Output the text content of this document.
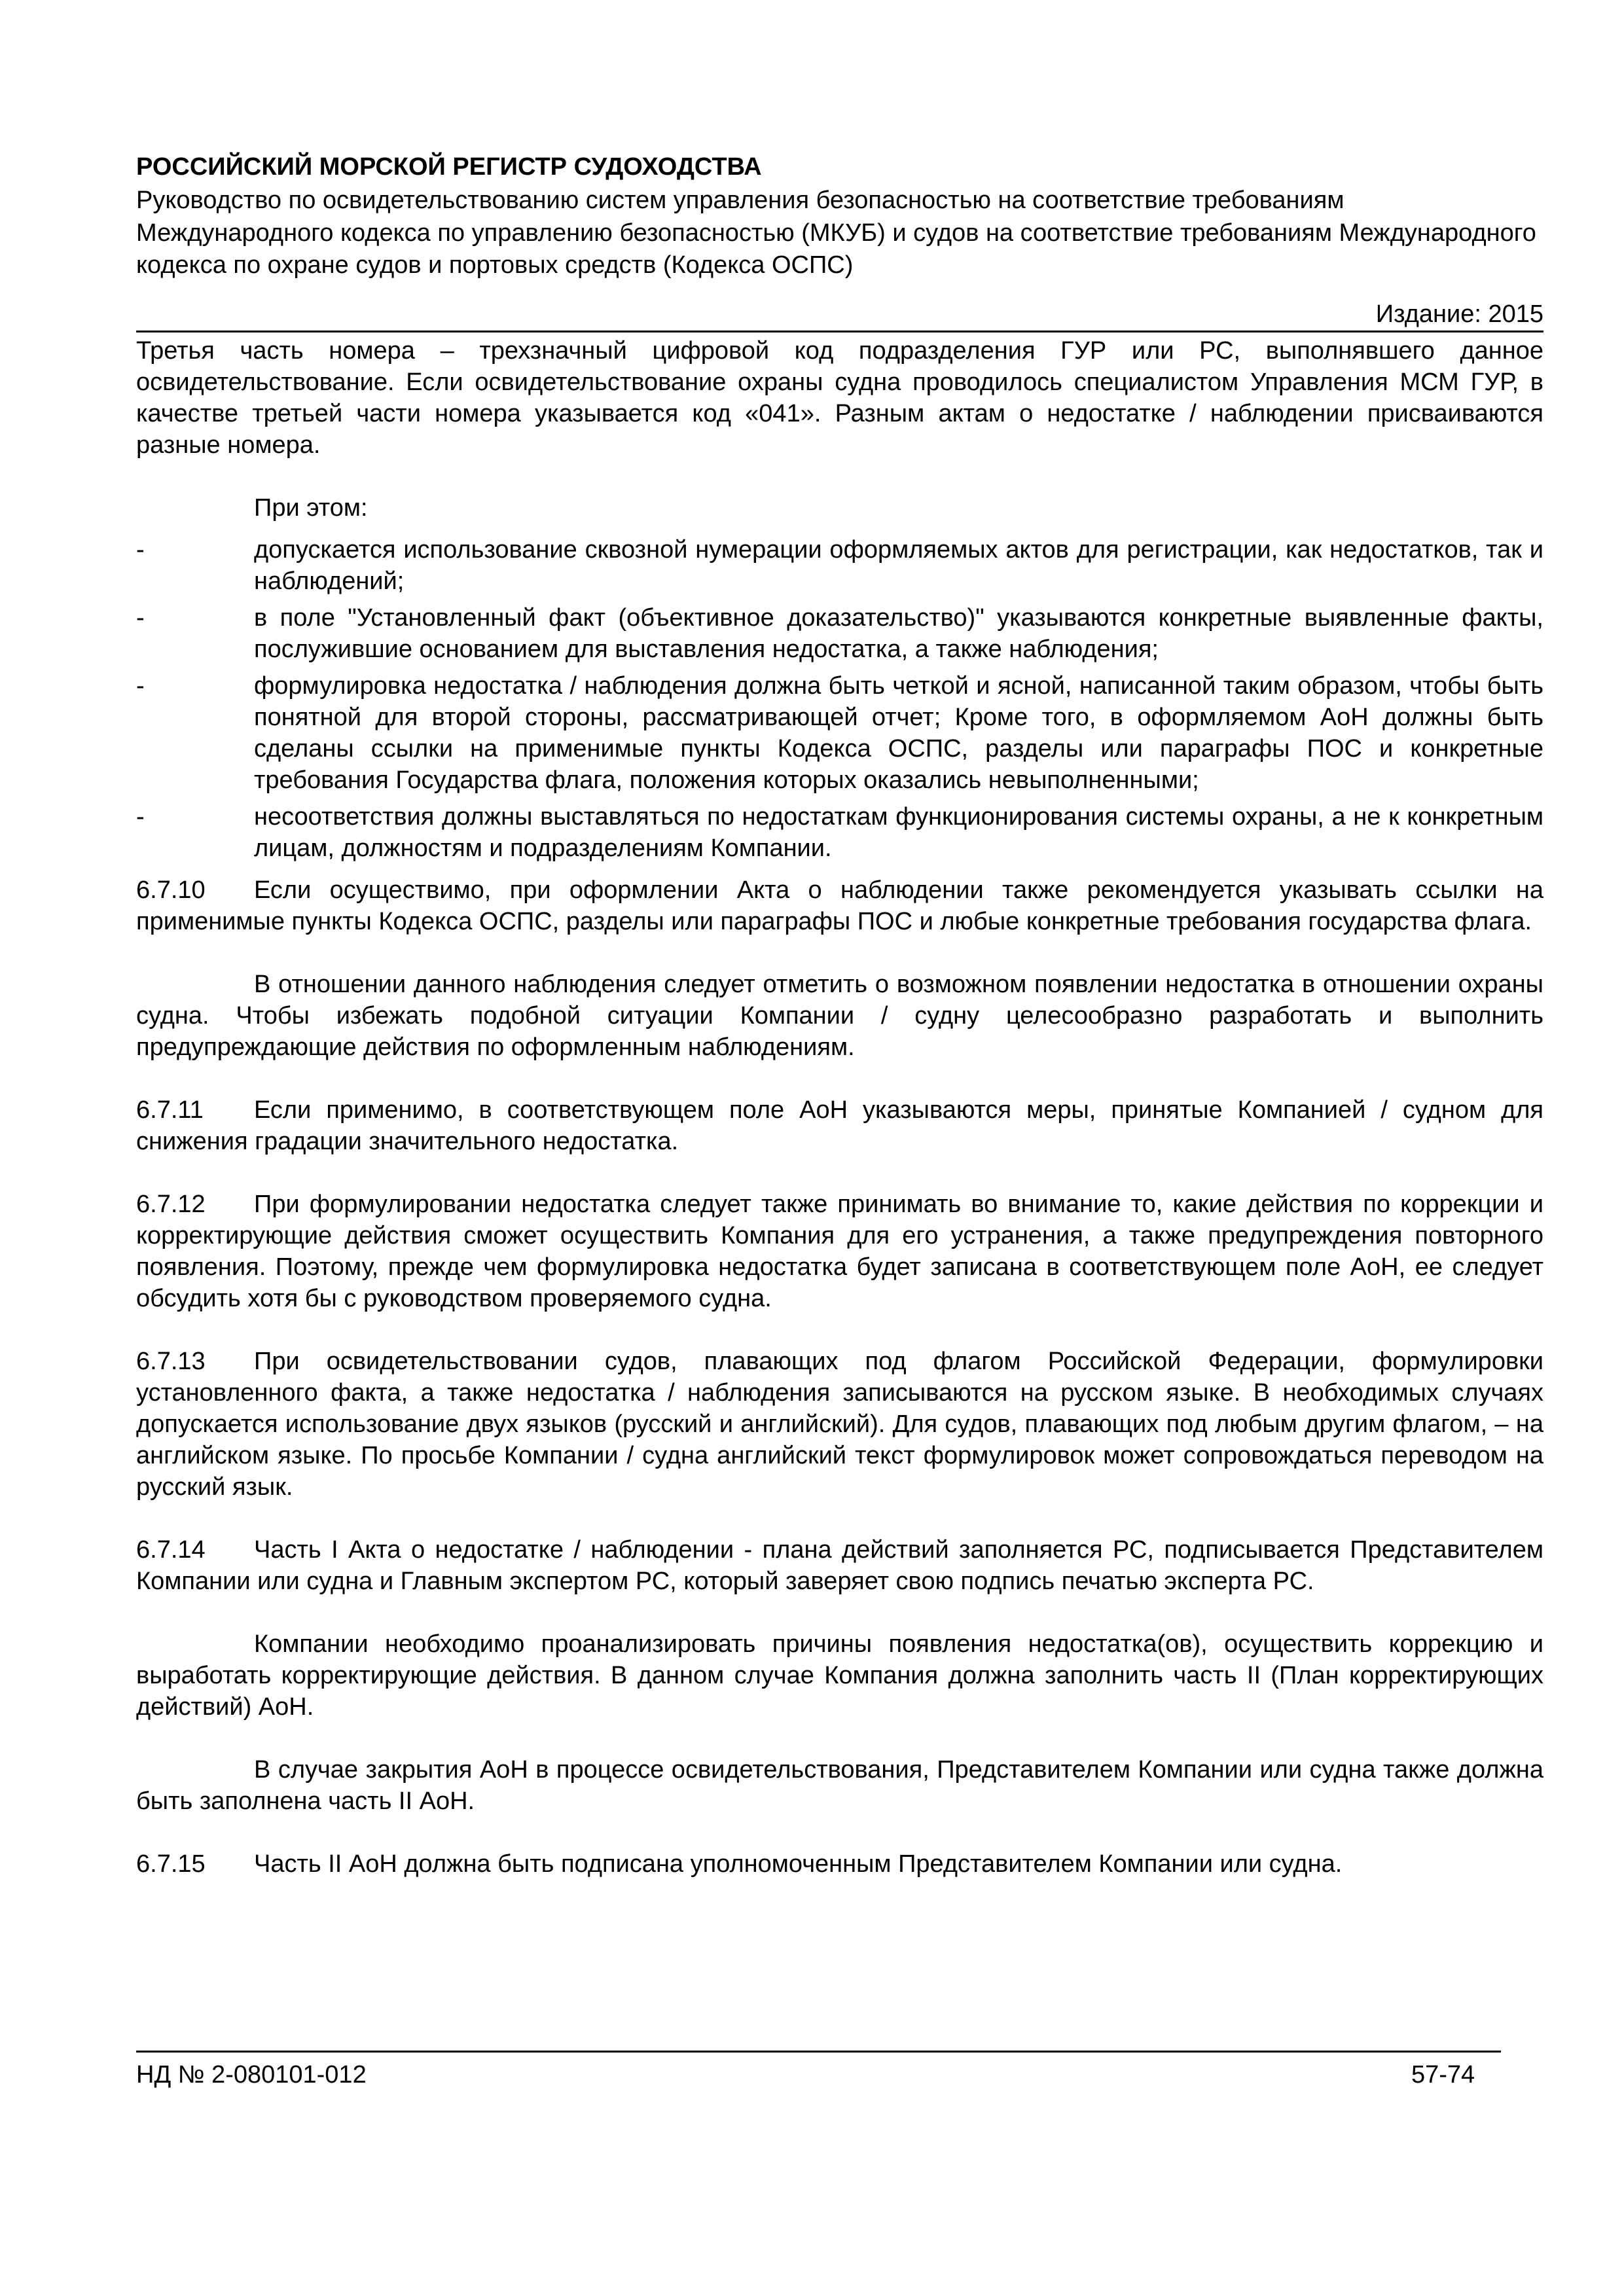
РОССИЙСКИЙ МОРСКОЙ РЕГИСТР СУДОХОДСТВА
Руководство по освидетельствованию систем управления безопасностью на соответствие требованиям Международного кодекса по управлению безопасностью (МКУБ) и судов на соответствие требованиям Международного кодекса по охране судов и портовых средств (Кодекса ОСПС)
Издание: 2015

Третья часть номера – трехзначный цифровой код подразделения ГУР или РС, выполнявшего данное освидетельствование. Если освидетельствование охраны судна проводилось специалистом Управления МСМ ГУР, в качестве третьей части номера указывается код «041». Разным актам о недостатке / наблюдении присваиваются разные номера.

При этом:

-	допускается использование сквозной нумерации оформляемых актов для регистрации, как недостатков, так и наблюдений;
-	в поле "Установленный факт (объективное доказательство)" указываются конкретные выявленные факты, послужившие основанием для выставления недостатка, а также наблюдения;
-	формулировка недостатка / наблюдения должна быть четкой и ясной, написанной таким образом, чтобы быть понятной для второй стороны, рассматривающей отчет; Кроме того, в оформляемом АоН должны быть сделаны ссылки на применимые пункты Кодекса ОСПС, разделы или параграфы ПОС и конкретные требования Государства флага, положения которых оказались невыполненными;
-	несоответствия должны выставляться по недостаткам функционирования системы охраны, а не к конкретным лицам, должностям и подразделениям Компании.

6.7.10 Если осуществимо, при оформлении Акта о наблюдении также рекомендуется указывать ссылки на применимые пункты Кодекса ОСПС, разделы или параграфы ПОС и любые конкретные требования государства флага.

В отношении данного наблюдения следует отметить о возможном появлении недостатка в отношении охраны судна. Чтобы избежать подобной ситуации Компании / судну целесообразно разработать и выполнить предупреждающие действия по оформленным наблюдениям.

6.7.11 Если применимо, в соответствующем поле АоН указываются меры, принятые Компанией / судном для снижения градации значительного недостатка.

6.7.12 При формулировании недостатка следует также принимать во внимание то, какие действия по коррекции и корректирующие действия сможет осуществить Компания для его устранения, а также предупреждения повторного появления. Поэтому, прежде чем формулировка недостатка будет записана в соответствующем поле АоН, ее следует обсудить хотя бы с руководством проверяемого судна.

6.7.13 При освидетельствовании судов, плавающих под флагом Российской Федерации, формулировки установленного факта, а также недостатка / наблюдения записываются на русском языке. В необходимых случаях допускается использование двух языков (русский и английский). Для судов, плавающих под любым другим флагом, – на английском языке. По просьбе Компании / судна английский текст формулировок может сопровождаться переводом на русский язык.

6.7.14 Часть I Акта о недостатке / наблюдении - плана действий заполняется РС, подписывается Представителем Компании или судна и Главным экспертом РС, который заверяет свою подпись печатью эксперта РС.

Компании необходимо проанализировать причины появления недостатка(ов), осуществить коррекцию и выработать корректирующие действия. В данном случае Компания должна заполнить часть II (План корректирующих действий) АоН.

В случае закрытия АоН в процессе освидетельствования, Представителем Компании или судна также должна быть заполнена часть II АоН.

6.7.15 Часть II АоН должна быть подписана уполномоченным Представителем Компании или судна.

НД № 2-080101-012	57-74
